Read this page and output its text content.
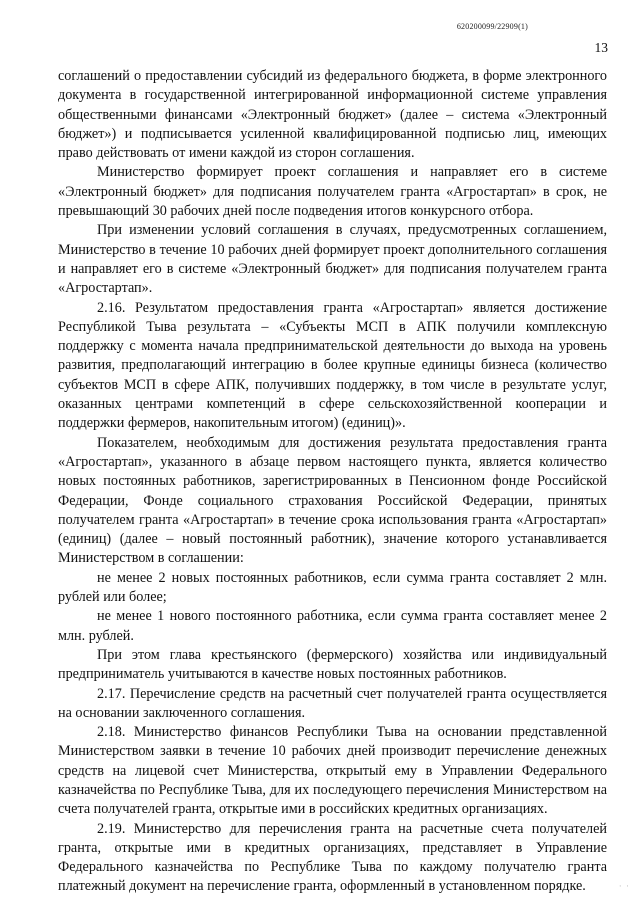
620200099/22909(1)
13

соглашений о предоставлении субсидий из федерального бюджета, в форме электронного документа в государственной интегрированной информационной системе управления общественными финансами «Электронный бюджет» (далее – система «Электронный бюджет») и подписывается усиленной квалифицированной подписью лиц, имеющих право действовать от имени каждой из сторон соглашения.

Министерство формирует проект соглашения и направляет его в системе «Электронный бюджет» для подписания получателем гранта «Агростартап» в срок, не превышающий 30 рабочих дней после подведения итогов конкурсного отбора.

При изменении условий соглашения в случаях, предусмотренных соглашением, Министерство в течение 10 рабочих дней формирует проект дополнительного соглашения и направляет его в системе «Электронный бюджет» для подписания получателем гранта «Агростартап».

2.16. Результатом предоставления гранта «Агростартап» является достижение Республикой Тыва результата – «Субъекты МСП в АПК получили комплексную поддержку с момента начала предпринимательской деятельности до выхода на уровень развития, предполагающий интеграцию в более крупные единицы бизнеса (количество субъектов МСП в сфере АПК, получивших поддержку, в том числе в результате услуг, оказанных центрами компетенций в сфере сельскохозяйственной кооперации и поддержки фермеров, накопительным итогом) (единиц)».

Показателем, необходимым для достижения результата предоставления гранта «Агростартап», указанного в абзаце первом настоящего пункта, является количество новых постоянных работников, зарегистрированных в Пенсионном фонде Российской Федерации, Фонде социального страхования Российской Федерации, принятых получателем гранта «Агростартап» в течение срока использования гранта «Агростартап» (единиц) (далее – новый постоянный работник), значение которого устанавливается Министерством в соглашении:

не менее 2 новых постоянных работников, если сумма гранта составляет 2 млн. рублей или более;

не менее 1 нового постоянного работника, если сумма гранта составляет менее 2 млн. рублей.

При этом глава крестьянского (фермерского) хозяйства или индивидуальный предприниматель учитываются в качестве новых постоянных работников.

2.17. Перечисление средств на расчетный счет получателей гранта осуществляется на основании заключенного соглашения.

2.18. Министерство финансов Республики Тыва на основании представленной Министерством заявки в течение 10 рабочих дней производит перечисление денежных средств на лицевой счет Министерства, открытый ему в Управлении Федерального казначейства по Республике Тыва, для их последующего перечисления Министерством на счета получателей гранта, открытые ими в российских кредитных организациях.

2.19. Министерство для перечисления гранта на расчетные счета получателей гранта, открытые ими в кредитных организациях, представляет в Управление Федерального казначейства по Республике Тыва по каждому получателю гранта платежный документ на перечисление гранта, оформленный в установленном порядке.	· ·
